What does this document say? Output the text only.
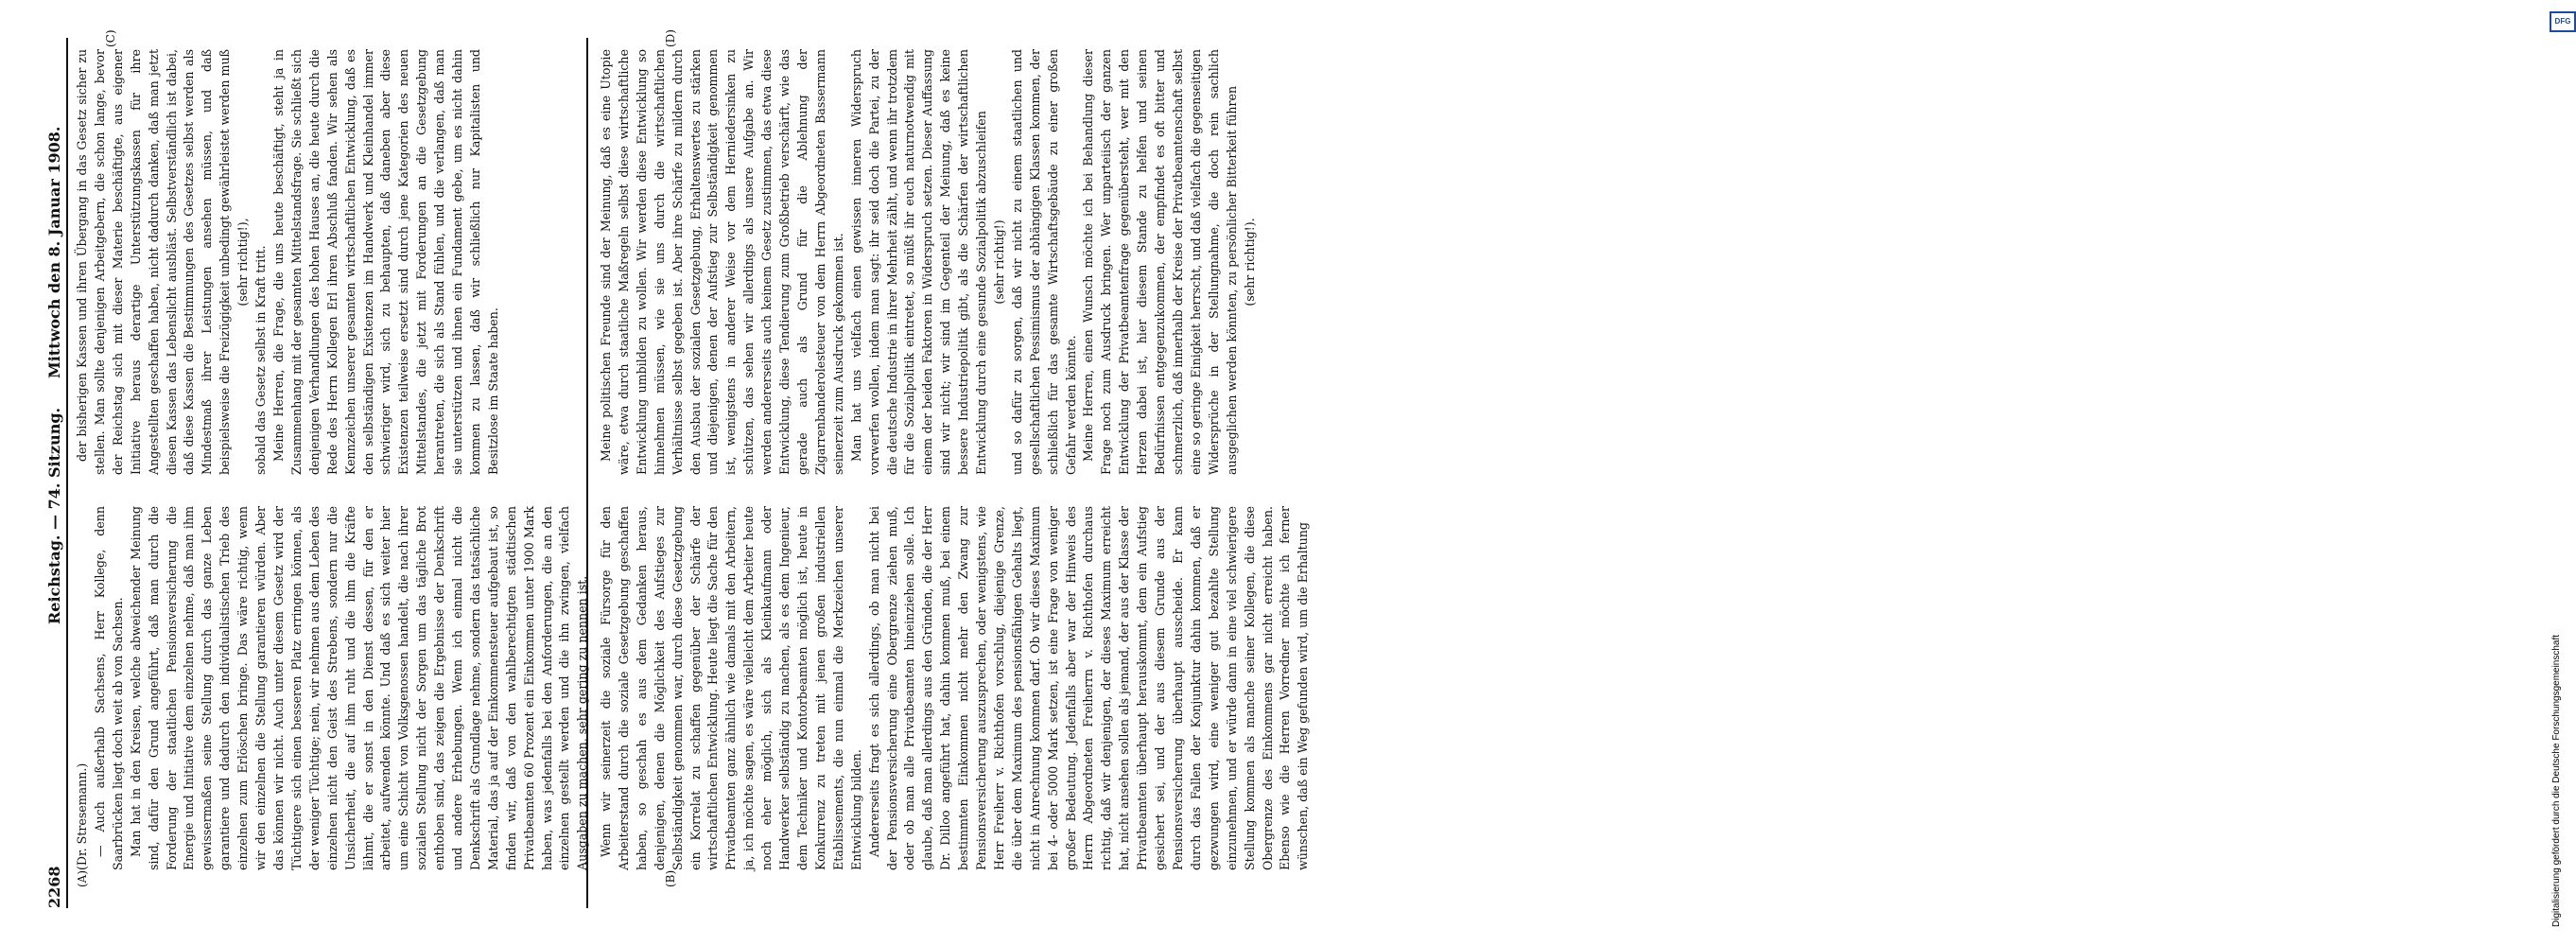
2268
Reichstag. — 74. Sitzung.
Mittwoch den 8. Januar 1908.
(A)	(B)
(C)	(D)

(Dr. Stresemann.) — Auch außerhalb Sachsens, Herr Kollege, denn Saarbrücken liegt doch weit ab von Sachsen. Man hat in den Kreisen, welche abweichender Meinung sind, dafür den Grund angeführt, daß man durch die Forderung der staatlichen Pensionsversicherung die Energie und Initiative dem einzelnen nehme, daß man ihm gewissermaßen seine Stellung durch das ganze Leben garantiere und dadurch den individualistischen Trieb des einzelnen zum Erlöschen bringe. Das wäre richtig, wenn wir den einzelnen die Stellung garantieren würden. Aber das können wir nicht. Auch unter diesem Gesetz wird der Tüchtigere sich einen besseren Platz erringen können, als der weniger Tüchtige; nein, wir nehmen aus dem Leben des einzelnen nicht den Geist des Strebens, sondern nur die Unsicherheit, die auf ihm ruht und die ihm die Kräfte lähmt, die er sonst in den Dienst dessen, für den er arbeitet, aufwenden könnte. Und daß es sich weiter hier um eine Schicht von Volksgenossen handelt, die nach ihrer sozialen Stellung nicht der Sorgen um das tägliche Brot enthoben sind, das zeigen die Ergebnisse der Denkschrift und andere Erhebungen. Wenn ich einmal nicht die Denkschrift als Grundlage nehme, sondern das tatsächliche Material, das ja auf der Einkommensteuer aufgebaut ist, so finden wir, daß von den wahlberechtigten städtischen Privatbeamten 60 Prozent ein Einkommen unter 1900 Mark haben, was jedenfalls bei den Anforderungen, die an den einzelnen gestellt werden und die ihn zwingen, vielfach Ausgaben zu machen, sehr gering zu nennen ist. Wenn wir seinerzeit die soziale Fürsorge für den Arbeiterstand durch die soziale Gesetzgebung geschaffen haben, so geschah es aus dem Gedanken heraus, denjenigen, denen die Möglichkeit des Aufstieges zur Selbständigkeit genommen war, durch diese Gesetzgebung ein Korrelat zu schaffen gegenüber der Schärfe der wirtschaftlichen Entwicklung. Heute liegt die Sache für den Privatbeamten ganz ähnlich wie damals mit den Arbeitern, ja, ich möchte sagen, es wäre vielleicht dem Arbeiter heute noch eher möglich, sich als Kleinkaufmann oder Handwerker selbständig zu machen, als es dem Ingenieur, dem Techniker und Kontorbeamten möglich ist, heute in Konkurrenz zu treten mit jenen großen industriellen Etablissements, die nun einmal die Merkzeichen unserer Entwicklung bilden. Andererseits fragt es sich allerdings, ob man nicht bei der Pensionsversicherung eine Obergrenze ziehen muß, oder ob man alle Privatbeamten hineinziehen solle. Ich glaube, daß man allerdings aus den Gründen, die der Herr Dr. Dilloo angeführt hat, dahin kommen muß, bei einem bestimmten Einkommen nicht mehr den Zwang zur Pensionsversicherung auszusprechen, oder wenigstens, wie Herr Freiherr v. Richthofen vorschlug, diejenige Grenze, die über dem Maximum des pensionsfähigen Gehalts liegt, nicht in Anrechnung kommen darf. Ob wir dieses Maximum bei 4- oder 5000 Mark setzen, ist eine Frage von weniger großer Bedeutung. Jedenfalls aber war der Hinweis des Herrn Abgeordneten Freiherrn v. Richthofen durchaus richtig, daß wir denjenigen, der dieses Maximum erreicht hat, nicht ansehen sollen als jemand, der aus der Klasse der Privatbeamten überhaupt herauskommt, dem ein Aufstieg gesichert sei, und der aus diesem Grunde aus der Pensionsversicherung überhaupt ausscheide. Er kann durch das Fallen der Konjunktur dahin kommen, daß er gezwungen wird, eine weniger gut bezahlte Stellung einzunehmen, und er würde dann in eine viel schwierigere Stellung kommen als manche seiner Kollegen, die diese Obergrenze des Einkommens gar nicht erreicht haben. Ebenso wie die Herren Vorredner möchte ich ferner wünschen, daß ein Weg gefunden wird, um die Erhaltung

der bisherigen Kassen und ihren Übergang in das Gesetz sicher zu stellen. Man sollte denjenigen Arbeitgebern, die schon lange, bevor der Reichstag sich mit dieser Materie beschäftigte, aus eigener Initiative heraus derartige Unterstützungskassen für ihre Angestellten geschaffen haben, nicht dadurch danken, daß man jetzt diesen Kassen das Lebenslicht ausbläst. Selbstverständlich ist dabei, daß diese Kassen die Bestimmungen des Gesetzes selbst werden als Mindestmaß ihrer Leistungen ansehen müssen, und daß beispielsweise die Freizügigkeit unbedingt gewährleistet werden muß (sehr richtig!), sobald das Gesetz selbst in Kraft tritt. Meine Herren, die Frage, die uns heute beschäftigt, steht ja in Zusammenhang mit der gesamten Mittelstandsfrage. Sie schließt sich denjenigen Verhandlungen des hohen Hauses an, die heute durch die Rede des Herrn Kollegen Erl ihren Abschluß fanden. Wir sehen als Kennzeichen unserer gesamten wirtschaftlichen Entwicklung, daß es den selbständigen Existenzen im Handwerk und Kleinhandel immer schwieriger wird, sich zu behaupten, daß daneben aber diese Existenzen teilweise ersetzt sind durch jene Kategorien des neuen Mittelstandes, die jetzt mit Forderungen an die Gesetzgebung herantreten, die sich als Stand fühlen, und die verlangen, daß man sie unterstützen und ihnen ein Fundament gebe, um es nicht dahin kommen zu lassen, daß wir schließlich nur Kapitalisten und Besitzlose im Staate haben.	Meine politischen Freunde sind der Meinung, daß es eine Utopie wäre, etwa durch staatliche Maßregeln selbst diese wirtschaftliche Entwicklung umbilden zu wollen. Wir werden diese Entwicklung so hinnehmen müssen, wie sie uns durch die wirtschaftlichen Verhältnisse selbst gegeben ist. Aber ihre Schärfe zu mildern durch den Ausbau der sozialen Gesetzgebung, Erhaltenswertes zu stärken und diejenigen, denen der Aufstieg zur Selbständigkeit genommen ist, wenigstens in anderer Weise vor dem Herniedersinken zu schützen, das sehen wir allerdings als unsere Aufgabe an. Wir werden andererseits auch keinem Gesetz zustimmen, das etwa diese Entwicklung, diese Tendierung zum Großbetrieb verschärft, wie das gerade auch als Grund für die Ablehnung der Zigarrenbanderolesteuer von dem Herrn Abgeordneten Bassermann seinerzeit zum Ausdruck gekommen ist. Man hat uns vielfach einen gewissen inneren Widerspruch vorwerfen wollen, indem man sagt: ihr seid doch die Partei, zu der die deutsche Industrie in ihrer Mehrheit zählt, und wenn ihr trotzdem für die Sozialpolitik eintretet, so müßt ihr euch naturnotwendig mit einem der beiden Faktoren in Widerspruch setzen. Dieser Auffassung sind wir nicht; wir sind im Gegenteil der Meinung, daß es keine bessere Industriepolitik gibt, als die Schärfen der wirtschaftlichen Entwicklung durch eine gesunde Sozialpolitik abzuschleifen (sehr richtig!) und so dafür zu sorgen, daß wir nicht zu einem staatlichen und gesellschaftlichen Pessimismus der abhängigen Klassen kommen, der schließlich für das gesamte Wirtschaftsgebäude zu einer großen Gefahr werden könnte. Meine Herren, einen Wunsch möchte ich bei Behandlung dieser Frage noch zum Ausdruck bringen. Wer unparteiisch der ganzen Entwicklung der Privatbeamtenfrage gegenübersteht, wer mit den Herzen dabei ist, hier diesem Stande zu helfen und seinen Bedürfnissen entgegenzukommen, der empfindet es oft bitter und schmerzlich, daß innerhalb der Kreise der Privatbeamtenschaft selbst eine so geringe Einigkeit herrscht, und daß vielfach die gegenseitigen Widersprüche in der Stellungnahme, die doch rein sachlich ausgeglichen werden könnten, zu persönlicher Bitterkeit führen (sehr richtig!).

DFG
Digitalisierung gefördert durch die Deutsche Forschungsgemeinschaft
